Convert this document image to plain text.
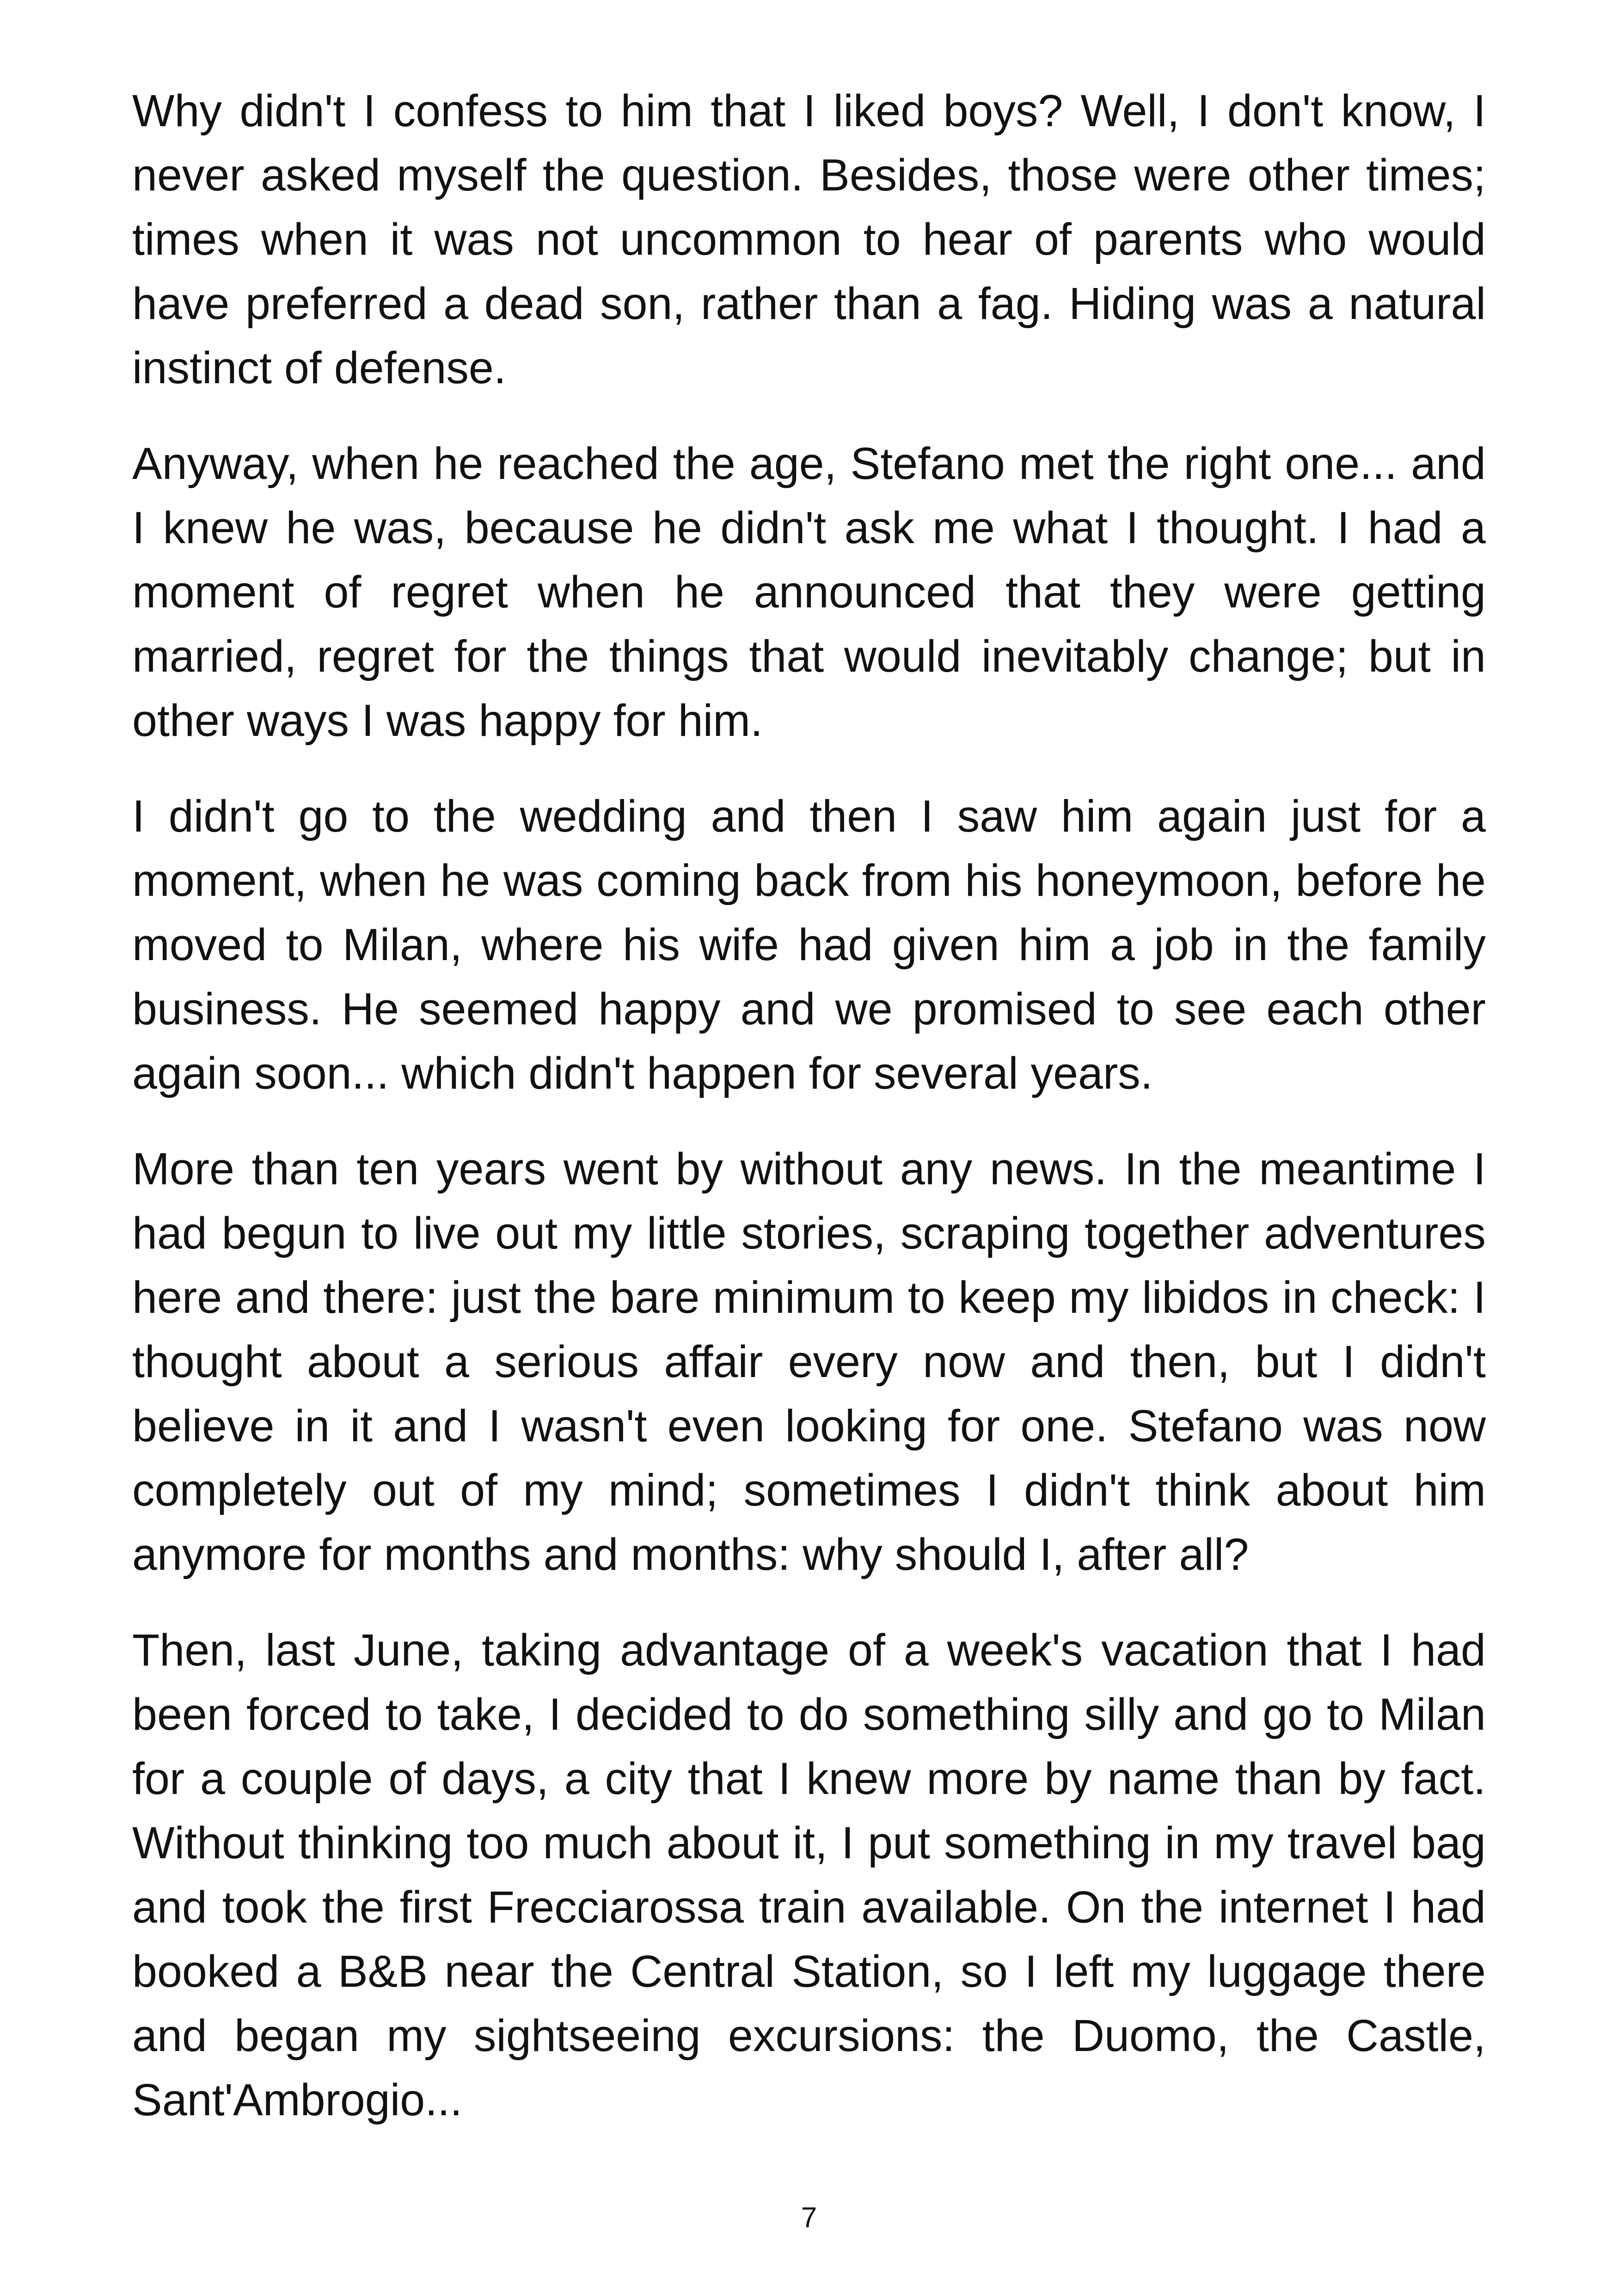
Why didn't I confess to him that I liked boys? Well, I don't know, I never asked myself the question. Besides, those were other times; times when it was not uncommon to hear of parents who would have preferred a dead son, rather than a fag. Hiding was a natural instinct of defense.

Anyway, when he reached the age, Stefano met the right one... and I knew he was, because he didn't ask me what I thought. I had a moment of regret when he announced that they were getting married, regret for the things that would inevitably change; but in other ways I was happy for him.

I didn't go to the wedding and then I saw him again just for a moment, when he was coming back from his honeymoon, before he moved to Milan, where his wife had given him a job in the family business. He seemed happy and we promised to see each other again soon... which didn't happen for several years.

More than ten years went by without any news. In the meantime I had begun to live out my little stories, scraping together adventures here and there: just the bare minimum to keep my libidos in check: I thought about a serious affair every now and then, but I didn't believe in it and I wasn't even looking for one. Stefano was now completely out of my mind; sometimes I didn't think about him anymore for months and months: why should I, after all?

Then, last June, taking advantage of a week's vacation that I had been forced to take, I decided to do something silly and go to Milan for a couple of days, a city that I knew more by name than by fact. Without thinking too much about it, I put something in my travel bag and took the first Frecciarossa train available. On the internet I had booked a B&B near the Central Station, so I left my luggage there and began my sightseeing excursions: the Duomo, the Castle, Sant'Ambrogio...

7
